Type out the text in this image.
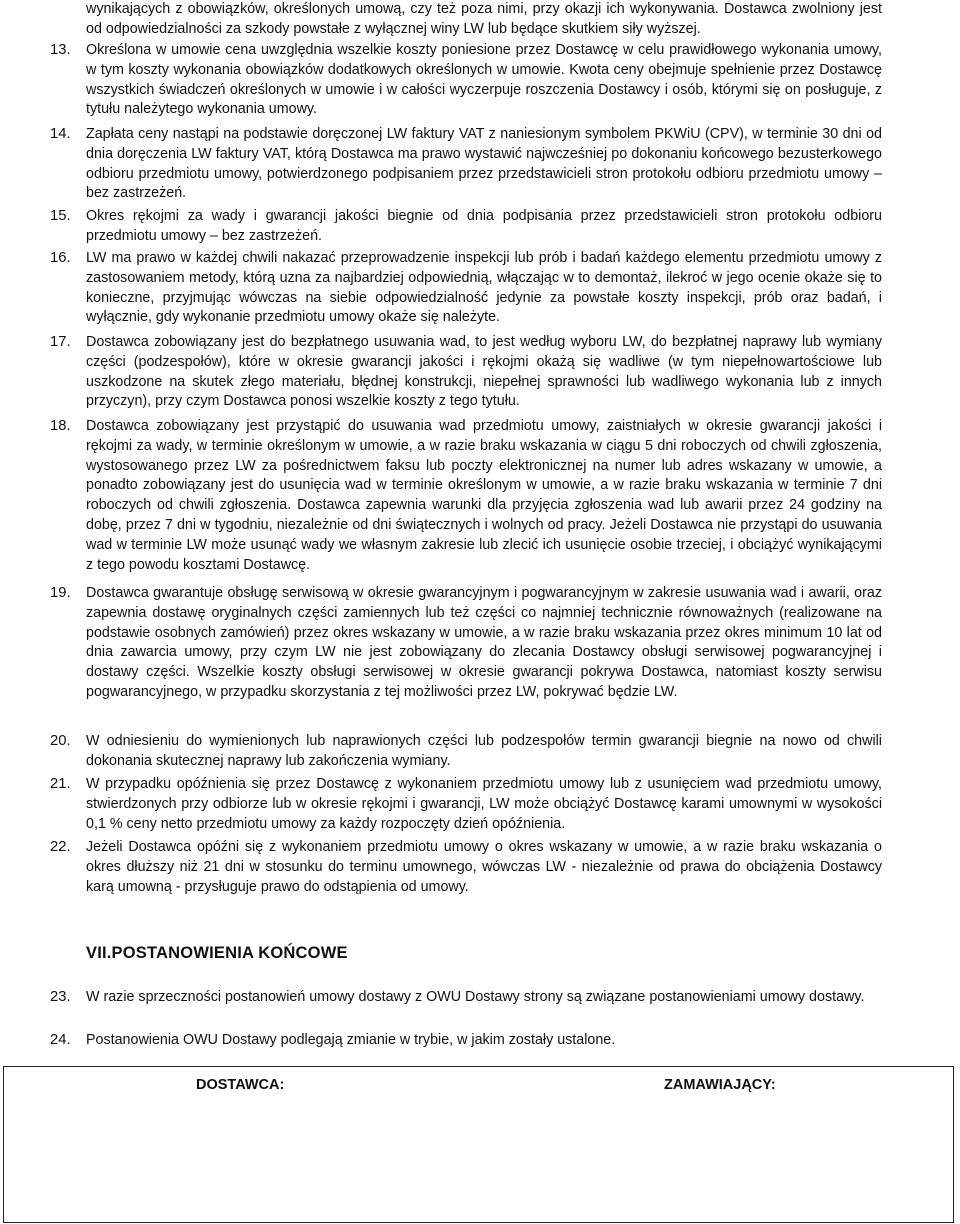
wynikających z obowiązków, określonych umową, czy też poza nimi, przy okazji ich wykonywania. Dostawca zwolniony jest od odpowiedzialności za szkody powstałe z wyłącznej winy LW lub będące skutkiem siły wyższej.

13.	Określona w umowie cena uwzględnia wszelkie koszty poniesione przez Dostawcę w celu prawidłowego wykonania umowy, w tym koszty wykonania obowiązków dodatkowych określonych w umowie. Kwota ceny obejmuje spełnienie przez Dostawcę wszystkich świadczeń określonych w umowie i w całości wyczerpuje roszczenia Dostawcy i osób, którymi się on posługuje, z tytułu należytego wykonania umowy.
14.	Zapłata ceny nastąpi na podstawie doręczonej LW faktury VAT z naniesionym symbolem PKWiU (CPV), w terminie 30 dni od dnia doręczenia LW faktury VAT, którą Dostawca ma prawo wystawić najwcześniej po dokonaniu końcowego bezusterkowego odbioru przedmiotu umowy, potwierdzonego podpisaniem przez przedstawicieli stron protokołu odbioru przedmiotu umowy – bez zastrzeżeń.
15.	Okres rękojmi za wady i gwarancji jakości biegnie od dnia podpisania przez przedstawicieli stron protokołu odbioru przedmiotu umowy – bez zastrzeżeń.
16.	LW ma prawo w każdej chwili nakazać przeprowadzenie inspekcji lub prób i badań każdego elementu przedmiotu umowy z zastosowaniem metody, którą uzna za najbardziej odpowiednią, włączając w to demontaż, ilekroć w jego ocenie okaże się to konieczne, przyjmując wówczas na siebie odpowiedzialność jedynie za powstałe koszty inspekcji, prób oraz badań, i wyłącznie, gdy wykonanie przedmiotu umowy okaże się należyte.
17.	Dostawca zobowiązany jest do bezpłatnego usuwania wad, to jest według wyboru LW, do bezpłatnej naprawy lub wymiany części (podzespołów), które w okresie gwarancji jakości i rękojmi okażą się wadliwe (w tym niepełnowartościowe lub uszkodzone na skutek złego materiału, błędnej konstrukcji, niepełnej sprawności lub wadliwego wykonania lub z innych przyczyn), przy czym Dostawca ponosi wszelkie koszty z tego tytułu.
18.	Dostawca zobowiązany jest przystąpić do usuwania wad przedmiotu umowy, zaistniałych w okresie gwarancji jakości i rękojmi za wady, w terminie określonym w umowie, a w razie braku wskazania w ciągu 5 dni roboczych od chwili zgłoszenia, wystosowanego przez LW za pośrednictwem faksu lub poczty elektronicznej na numer lub adres wskazany w umowie, a ponadto zobowiązany jest do usunięcia wad w terminie określonym w umowie, a w razie braku wskazania w terminie 7 dni roboczych od chwili zgłoszenia. Dostawca zapewnia warunki dla przyjęcia zgłoszenia wad lub awarii przez 24 godziny na dobę, przez 7 dni w tygodniu, niezależnie od dni świątecznych i wolnych od pracy. Jeżeli Dostawca nie przystąpi do usuwania wad w terminie LW może usunąć wady we własnym zakresie lub zlecić ich usunięcie osobie trzeciej, i obciążyć wynikającymi z tego powodu kosztami Dostawcę.
19.	Dostawca gwarantuje obsługę serwisową w okresie gwarancyjnym i pogwarancyjnym w zakresie usuwania wad i awarii, oraz zapewnia dostawę oryginalnych części zamiennych lub też części co najmniej technicznie równoważnych (realizowane na podstawie osobnych zamówień) przez okres wskazany w umowie, a w razie braku wskazania przez okres minimum 10 lat od dnia zawarcia umowy, przy czym LW nie jest zobowiązany do zlecania Dostawcy obsługi serwisowej pogwarancyjnej i dostawy części. Wszelkie koszty obsługi serwisowej w okresie gwarancji pokrywa Dostawca, natomiast koszty serwisu pogwarancyjnego, w przypadku skorzystania z tej możliwości przez LW, pokrywać będzie LW.
20.	W odniesieniu do wymienionych lub naprawionych części lub podzespołów termin gwarancji biegnie na nowo od chwili dokonania skutecznej naprawy lub zakończenia wymiany.
21.	W przypadku opóźnienia się przez Dostawcę z wykonaniem przedmiotu umowy lub z usunięciem wad przedmiotu umowy, stwierdzonych przy odbiorze lub w okresie rękojmi i gwarancji, LW może obciążyć Dostawcę karami umownymi w wysokości 0,1 % ceny netto przedmiotu umowy za każdy rozpoczęty dzień opóźnienia.
22.	Jeżeli Dostawca opóźni się z wykonaniem przedmiotu umowy o okres wskazany w umowie, a w razie braku wskazania o okres dłuższy niż 21 dni w stosunku do terminu umownego, wówczas LW - niezależnie od prawa do obciążenia Dostawcy karą umowną - przysługuje prawo do odstąpienia od umowy.
VII.POSTANOWIENIA KOŃCOWE
23.	W razie sprzeczności postanowień umowy dostawy z OWU Dostawy strony są związane postanowieniami umowy dostawy.
24.	Postanowienia OWU Dostawy podlegają zmianie w trybie, w jakim zostały ustalone.
DOSTAWCA:	ZAMAWIAJĄCY:
